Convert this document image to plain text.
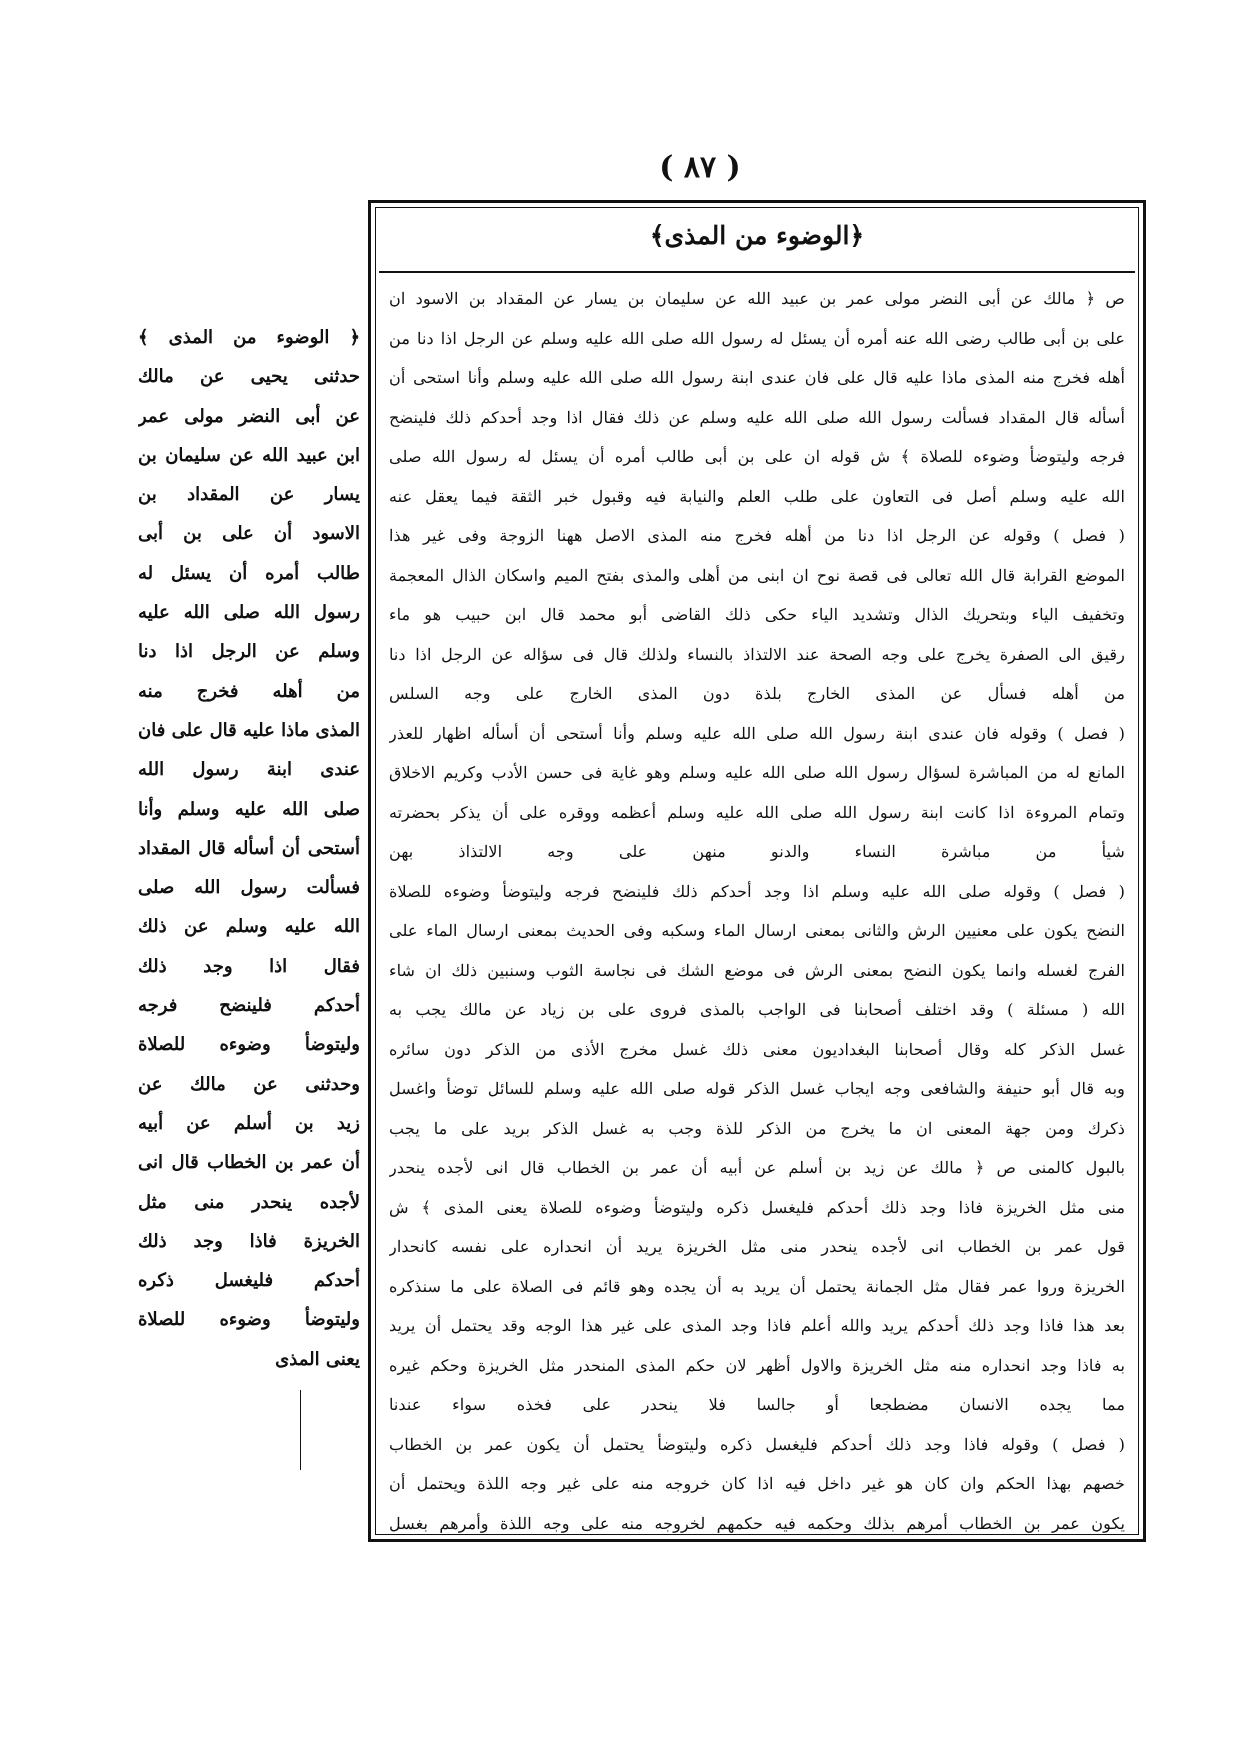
( ٨٧ )
﴿ الوضوء من المذى ﴾
حدثنى يحيى عن مالك
عن أبى النضر مولى عمر
ابن عبيد الله عن سليمان بن
يسار عن المقداد بن
الاسود أن على بن أبى
طالب أمره أن يسئل له
رسول الله صلى الله عليه
وسلم عن الرجل اذا دنا
من أهله فخرج منه
المذى ماذا عليه قال على فان
عندى ابنة رسول الله
صلى الله عليه وسلم وأنا
أستحى أن أسأله قال المقداد
فسألت رسول الله صلى
الله عليه وسلم عن ذلك
فقال اذا وجد ذلك
أحدكم فلينضح فرجه
وليتوضأ وضوءه للصلاة
وحدثنى عن مالك عن
زيد بن أسلم عن أبيه
أن عمر بن الخطاب قال انى
لأجده ينحدر منى مثل
الخريزة فاذا وجد ذلك
أحدكم فليغسل ذكره
وليتوضأ وضوءه للصلاة
يعنى المذى
﴿الوضوء من المذى﴾
ص ﴿ مالك عن أبى النضر مولى عمر بن عبيد الله عن سليمان بن يسار عن المقداد بن الاسود ان
على بن أبى طالب رضى الله عنه أمره أن يسئل له رسول الله صلى الله عليه وسلم عن الرجل اذا دنا من
أهله فخرج منه المذى ماذا عليه قال على فان عندى ابنة رسول الله صلى الله عليه وسلم وأنا استحى أن
أسأله قال المقداد فسألت رسول الله صلى الله عليه وسلم عن ذلك فقال اذا وجد أحدكم ذلك فلينضح
فرجه وليتوضأ وضوءه للصلاة ﴾ ش قوله ان على بن أبى طالب أمره أن يسئل له رسول الله صلى
الله عليه وسلم أصل فى التعاون على طلب العلم والنيابة فيه وقبول خبر الثقة فيما يعقل عنه
( فصل ) وقوله عن الرجل اذا دنا من أهله فخرج منه المذى الاصل ههنا الزوجة وفى غير هذا
الموضع القرابة قال الله تعالى فى قصة نوح ان ابنى من أهلى والمذى بفتح الميم واسكان الذال المعجمة
وتخفيف الياء وبتحريك الذال وتشديد الياء حكى ذلك القاضى أبو محمد قال ابن حبيب هو ماء
رقيق الى الصفرة يخرج على وجه الصحة عند الالتذاذ بالنساء ولذلك قال فى سؤاله عن الرجل اذا دنا
من أهله فسأل عن المذى الخارج بلذة دون المذى الخارج على وجه السلس
( فصل ) وقوله فان عندى ابنة رسول الله صلى الله عليه وسلم وأنا أستحى أن أسأله اظهار للعذر
المانع له من المباشرة لسؤال رسول الله صلى الله عليه وسلم وهو غاية فى حسن الأدب وكريم الاخلاق
وتمام المروءة اذا كانت ابنة رسول الله صلى الله عليه وسلم أعظمه ووقره على أن يذكر بحضرته
شيأ من مباشرة النساء والدنو منهن على وجه الالتذاذ بهن
( فصل ) وقوله صلى الله عليه وسلم اذا وجد أحدكم ذلك فلينضح فرجه وليتوضأ وضوءه للصلاة
النضح يكون على معنيين الرش والثانى بمعنى ارسال الماء وسكبه وفى الحديث بمعنى ارسال الماء على
الفرج لغسله وانما يكون النضح بمعنى الرش فى موضع الشك فى نجاسة الثوب وسنبين ذلك ان شاء
الله ( مسئلة ) وقد اختلف أصحابنا فى الواجب بالمذى فروى على بن زياد عن مالك يجب به
غسل الذكر كله وقال أصحابنا البغداديون معنى ذلك غسل مخرج الأذى من الذكر دون سائره
وبه قال أبو حنيفة والشافعى وجه ايجاب غسل الذكر قوله صلى الله عليه وسلم للسائل توضأ واغسل
ذكرك ومن جهة المعنى ان ما يخرج من الذكر للذة وجب به غسل الذكر بريد على ما يجب
بالبول كالمنى ص ﴿ مالك عن زيد بن أسلم عن أبيه أن عمر بن الخطاب قال انى لأجده ينحدر
منى مثل الخريزة فاذا وجد ذلك أحدكم فليغسل ذكره وليتوضأ وضوءه للصلاة يعنى المذى ﴾ ش
قول عمر بن الخطاب انى لأجده ينحدر منى مثل الخريزة يريد أن انحداره على نفسه كانحدار
الخريزة وروا عمر فقال مثل الجمانة يحتمل أن يريد به أن يجده وهو قائم فى الصلاة على ما سنذكره
بعد هذا فاذا وجد ذلك أحدكم يريد والله أعلم فاذا وجد المذى على غير هذا الوجه وقد يحتمل أن يريد
به فاذا وجد انحداره منه مثل الخريزة والاول أظهر لان حكم المذى المنحدر مثل الخريزة وحكم غيره
مما يجده الانسان مضطجعا أو جالسا فلا ينحدر على فخذه سواء عندنا
( فصل ) وقوله فاذا وجد ذلك أحدكم فليغسل ذكره وليتوضأ يحتمل أن يكون عمر بن الخطاب
خصهم بهذا الحكم وان كان هو غير داخل فيه اذا كان خروجه منه على غير وجه اللذة ويحتمل أن
يكون عمر بن الخطاب أمرهم بذلك وحكمه فيه حكمهم لخروجه منه على وجه اللذة وأمرهم بغسل
